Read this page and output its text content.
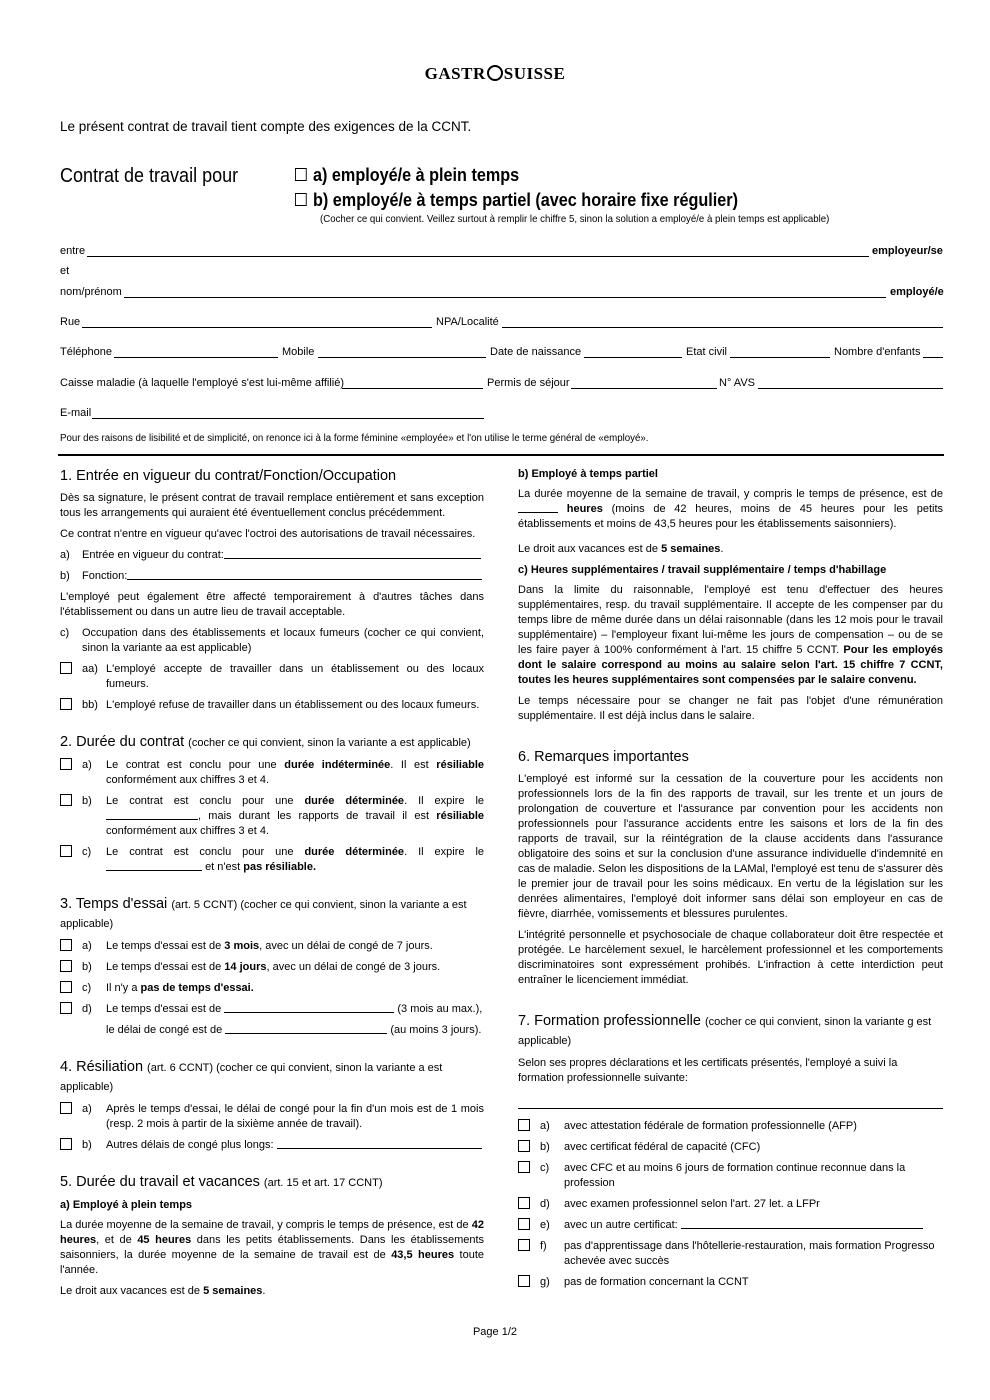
GASTR SUISSE
Le présent contrat de travail tient compte des exigences de la CCNT.
Contrat de travail pour	a) employé/e à plein temps
b) employé/e à temps partiel (avec horaire fixe régulier)
(Cocher ce qui convient. Veillez surtout à remplir le chiffre 5, sinon la solution a employé/e à plein temps est applicable)
entre	employeur/se
et
nom/prénom	employé/e
Rue	NPA/Localité
Téléphone	Mobile	Date de naissance	Etat civil	Nombre d'enfants
Caisse maladie (à laquelle l'employé s'est lui-même affilié)	Permis de séjour	N° AVS
E-mail
Pour des raisons de lisibilité et de simplicité, on renonce ici à la forme féminine «employée» et l'on utilise le terme général de «employé».
1. Entrée en vigueur du contrat/Fonction/Occupation

Dès sa signature, le présent contrat de travail remplace entièrement et sans exception tous les arrangements qui auraient été éventuellement conclus précédemment.

Ce contrat n'entre en vigueur qu'avec l'octroi des autorisations de travail nécessaires.

a)	Entrée en vigueur du contrat:
b)	Fonction:

L'employé peut également être affecté temporairement à d'autres tâches dans l'établissement ou dans un autre lieu de travail acceptable.

c)	Occupation dans des établissements et locaux fumeurs (cocher ce qui convient, sinon la variante aa est applicable)
aa) L'employé accepte de travailler dans un établissement ou des locaux fumeurs.
bb) L'employé refuse de travailler dans un établissement ou des locaux fumeurs.
2. Durée du contrat (cocher ce qui convient, sinon la variante a est applicable)
a)	Le contrat est conclu pour une durée indéterminée. Il est résiliable conformément aux chiffres 3 et 4.
b)	Le contrat est conclu pour une durée déterminée. Il expire le , mais durant les rapports de travail il est résiliable conformément aux chiffres 3 et 4.
c)	Le contrat est conclu pour une durée déterminée. Il expire le  et n'est pas résiliable.
3. Temps d'essai (art. 5 CCNT) (cocher ce qui convient, sinon la variante a est applicable)
a)	Le temps d'essai est de 3 mois, avec un délai de congé de 7 jours.
b)	Le temps d'essai est de 14 jours, avec un délai de congé de 3 jours.
c)	Il n'y a pas de temps d'essai.
d)	Le temps d'essai est de	(3 mois au max.),
le délai de congé est de	(au moins 3 jours).
4. Résiliation (art. 6 CCNT) (cocher ce qui convient, sinon la variante a est applicable)
a)	Après le temps d'essai, le délai de congé pour la fin d'un mois est de 1 mois (resp. 2 mois à partir de la sixième année de travail).
b)	Autres délais de congé plus longs:
5. Durée du travail et vacances (art. 15 et art. 17 CCNT)
a) Employé à plein temps

La durée moyenne de la semaine de travail, y compris le temps de présence, est de 42 heures, et de 45 heures dans les petits établissements. Dans les établissements saisonniers, la durée moyenne de la semaine de travail est de 43,5 heures toute l'année.

Le droit aux vacances est de 5 semaines.

b) Employé à temps partiel

La durée moyenne de la semaine de travail, y compris le temps de présence, est de  heures (moins de 42 heures, moins de 45 heures pour les petits établissements et moins de 43,5 heures pour les établissements saisonniers).

Le droit aux vacances est de 5 semaines.

c) Heures supplémentaires / travail supplémentaire / temps d'habillage

Dans la limite du raisonnable, l'employé est tenu d'effectuer des heures supplémentaires, resp. du travail supplémentaire. Il accepte de les compenser par du temps libre de même durée dans un délai raisonnable (dans les 12 mois pour le travail supplémentaire) – l'employeur fixant lui-même les jours de compensation – ou de se les faire payer à 100% conformément à l'art. 15 chiffre 5 CCNT. Pour les employés dont le salaire correspond au moins au salaire selon l'art. 15 chiffre 7 CCNT, toutes les heures supplémentaires sont compensées par le salaire convenu.

Le temps nécessaire pour se changer ne fait pas l'objet d'une rémunération supplémentaire. Il est déjà inclus dans le salaire.

6. Remarques importantes

L'employé est informé sur la cessation de la couverture pour les accidents non professionnels lors de la fin des rapports de travail, sur les trente et un jours de prolongation de couverture et l'assurance par convention pour les accidents non professionnels pour l'assurance accidents entre les saisons et lors de la fin des rapports de travail, sur la réintégration de la clause accidents dans l'assurance obligatoire des soins et sur la conclusion d'une assurance individuelle d'indemnité en cas de maladie. Selon les dispositions de la LAMal, l'employé est tenu de s'assurer dès le premier jour de travail pour les soins médicaux. En vertu de la législation sur les denrées alimentaires, l'employé doit informer sans délai son employeur en cas de fièvre, diarrhée, vomissements et blessures purulentes.

L'intégrité personnelle et psychosociale de chaque collaborateur doit être respectée et protégée. Le harcèlement sexuel, le harcèlement professionnel et les comportements discriminatoires sont expressément prohibés. L'infraction à cette interdiction peut entraîner le licenciement immédiat.

7. Formation professionnelle (cocher ce qui convient, sinon la variante g est applicable)

Selon ses propres déclarations et les certificats présentés, l'employé a suivi la formation professionnelle suivante:

a)	avec attestation fédérale de formation professionnelle (AFP)
b)	avec certificat fédéral de capacité (CFC)
c)	avec CFC et au moins 6 jours de formation continue reconnue dans la profession
d)	avec examen professionnel selon l'art. 27 let. a LFPr
e)	avec un autre certificat:
f)	pas d'apprentissage dans l'hôtellerie-restauration, mais formation Progresso achevée avec succès
g)	pas de formation concernant la CCNT
Page 1/2
